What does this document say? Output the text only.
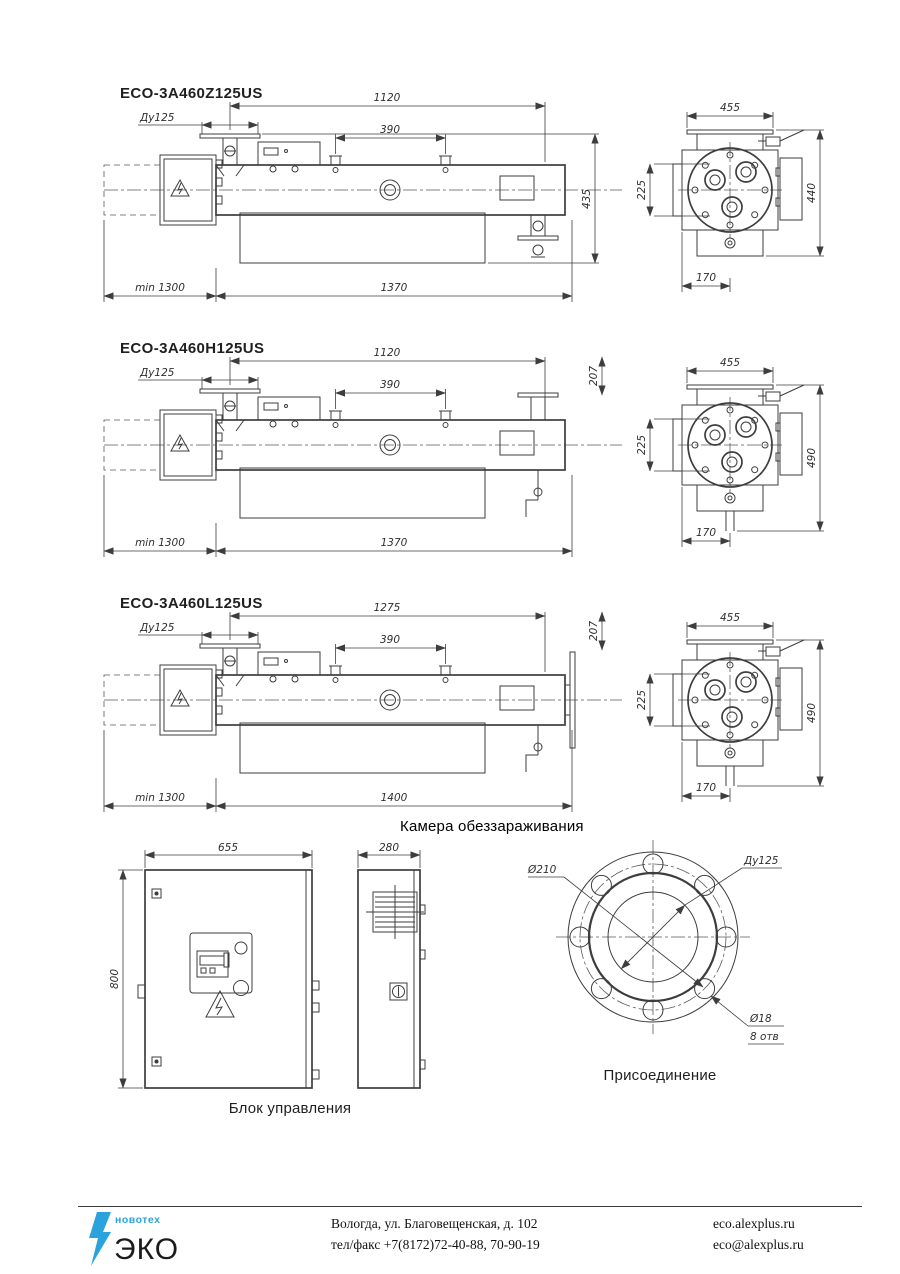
ECO-3A460Z125US	1120
Ду125
390
min 1300	1370
435
455
225	440
170
ECO-3A460H125US	1120
Ду125
390
min 1300	1370
207
455
225
490
170
ECO-3A460L125US	1275
Ду125
390
min 1300	1400
207
455
225
490
170
Камера обеззараживания
655
800
280
Блок управления
Ø210
Ду125
Ø18
8 отв
Присоединение
новотех
ЭКО
Вологда, ул. Благовещенская, д. 102
тел/факс +7(8172)72-40-88, 70-90-19
eco.alexplus.ru
eco@alexplus.ru
